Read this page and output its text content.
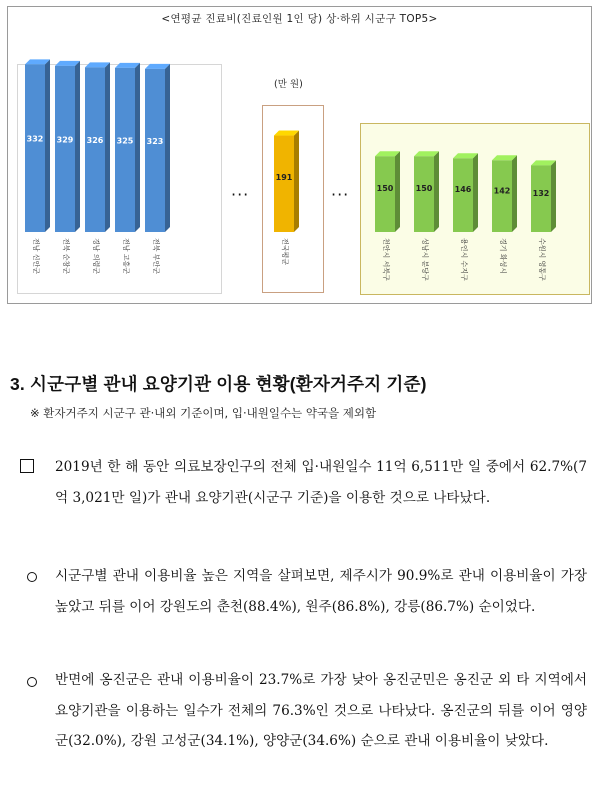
<연평균 진료비(진료인원 1인 당) 상·하위 시군구 TOP5>
(만 원)
···	···
332
전남 신안군
329
전북 순창군
326
경남 의령군
325
전남 고흥군
323
전북 부안군
191
전국평균
150
천안시 서북구
150
성남시 분당구
146
용인시 수지구
142
경기 화성시
132
수원시 영통구
3. 시군구별 관내 요양기관 이용 현황(환자거주지 기준)
※ 환자거주지 시군구 관·내외 기준이며, 입·내원일수는 약국을 제외함
2019년 한 해 동안 의료보장인구의 전체 입·내원일수 11억 6,511만 일 중에서 62.7%(7억 3,021만 일)가 관내 요양기관(시군구 기준)을 이용한 것으로 나타났다.
시군구별 관내 이용비율 높은 지역을 살펴보면, 제주시가 90.9%로 관내 이용비율이 가장 높았고 뒤를 이어 강원도의 춘천(88.4%), 원주(86.8%), 강릉(86.7%) 순이었다.
반면에 옹진군은 관내 이용비율이 23.7%로 가장 낮아 옹진군민은 옹진군 외 타 지역에서 요양기관을 이용하는 일수가 전체의 76.3%인 것으로 나타났다. 옹진군의 뒤를 이어 영양군(32.0%), 강원 고성군(34.1%), 양양군(34.6%) 순으로 관내 이용비율이 낮았다.
